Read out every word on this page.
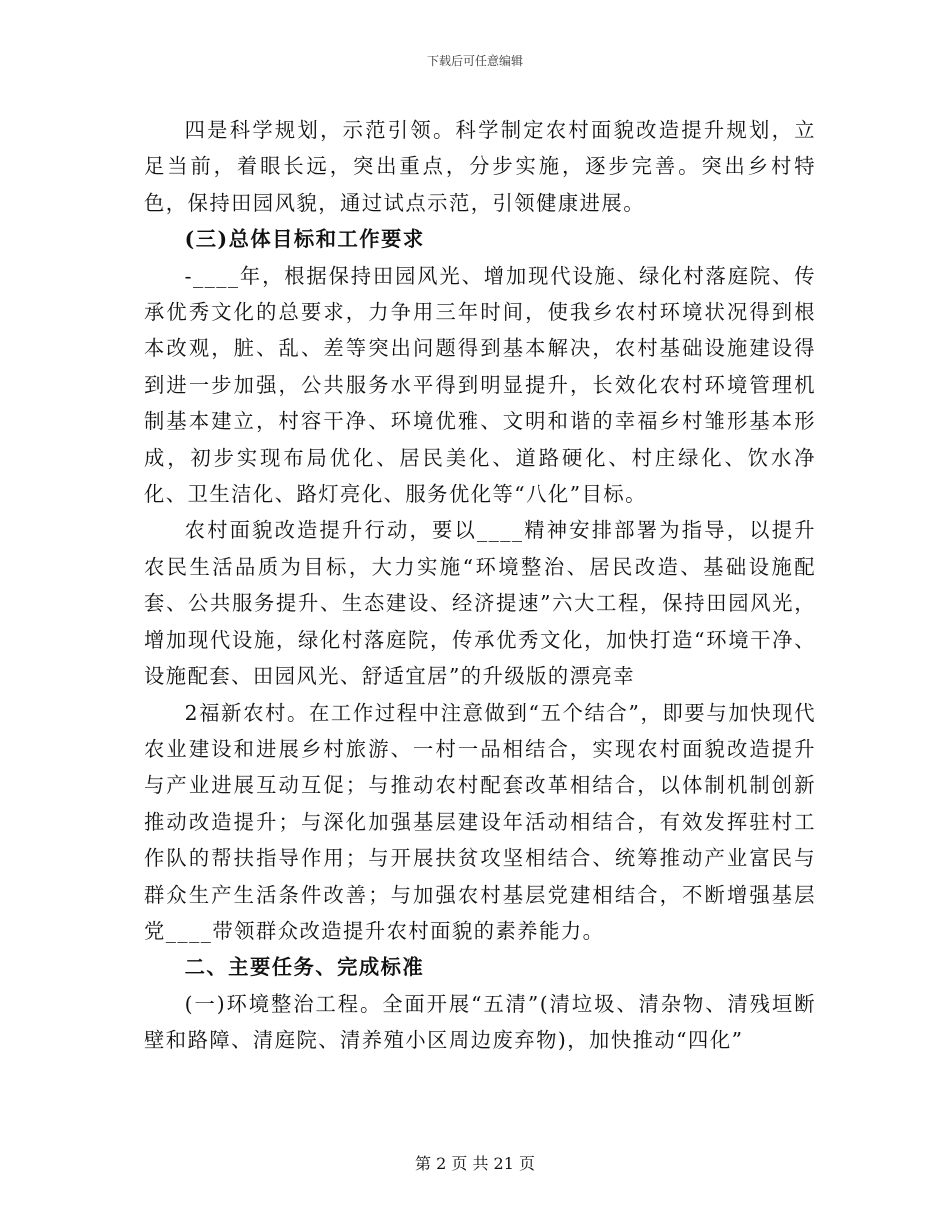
下载后可任意编辑

四是科学规划，示范引领。科学制定农村面貌改造提升规划，立足当前，着眼长远，突出重点，分步实施，逐步完善。突出乡村特色，保持田园风貌，通过试点示范，引领健康进展。

(三)总体目标和工作要求

-____年，根据保持田园风光、增加现代设施、绿化村落庭院、传承优秀文化的总要求，力争用三年时间，使我乡农村环境状况得到根本改观，脏、乱、差等突出问题得到基本解决，农村基础设施建设得到进一步加强，公共服务水平得到明显提升，长效化农村环境管理机制基本建立，村容干净、环境优雅、文明和谐的幸福乡村雏形基本形成，初步实现布局优化、居民美化、道路硬化、村庄绿化、饮水净化、卫生洁化、路灯亮化、服务优化等“八化”目标。

农村面貌改造提升行动，要以____精神安排部署为指导，以提升农民生活品质为目标，大力实施“环境整治、居民改造、基础设施配套、公共服务提升、生态建设、经济提速”六大工程，保持田园风光，增加现代设施，绿化村落庭院，传承优秀文化，加快打造“环境干净、设施配套、田园风光、舒适宜居”的升级版的漂亮幸

2福新农村。在工作过程中注意做到“五个结合”，即要与加快现代农业建设和进展乡村旅游、一村一品相结合，实现农村面貌改造提升与产业进展互动互促；与推动农村配套改革相结合，以体制机制创新推动改造提升；与深化加强基层建设年活动相结合，有效发挥驻村工作队的帮扶指导作用；与开展扶贫攻坚相结合、统筹推动产业富民与群众生产生活条件改善；与加强农村基层党建相结合，不断增强基层党____带领群众改造提升农村面貌的素养能力。

二、主要任务、完成标准

(一)环境整治工程。全面开展“五清”(清垃圾、清杂物、清残垣断壁和路障、清庭院、清养殖小区周边废弃物)，加快推动“四化”

第 2 页 共 21 页
